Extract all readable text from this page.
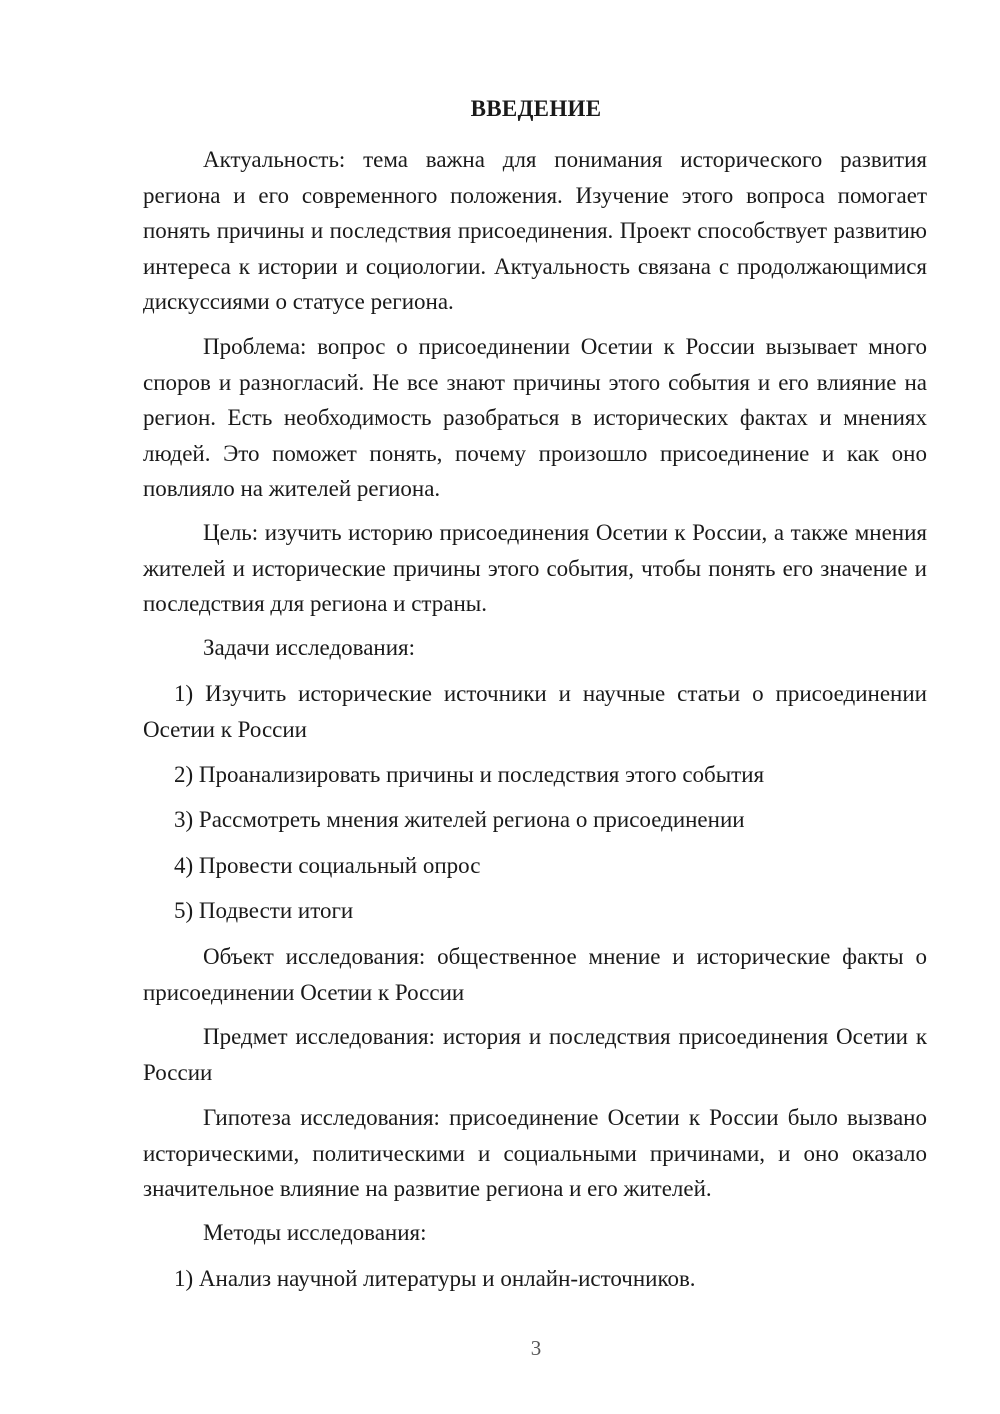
ВВЕДЕНИЕ

Актуальность: тема важна для понимания исторического развития региона и его современного положения. Изучение этого вопроса помогает понять причины и последствия присоединения. Проект способствует развитию интереса к истории и социологии. Актуальность связана с продолжающимися дискуссиями о статусе региона.

Проблема: вопрос о присоединении Осетии к России вызывает много споров и разногласий. Не все знают причины этого события и его влияние на регион. Есть необходимость разобраться в исторических фактах и мнениях людей. Это поможет понять, почему произошло присоединение и как оно повлияло на жителей региона.

Цель: изучить историю присоединения Осетии к России, а также мнения жителей и исторические причины этого события, чтобы понять его значение и последствия для региона и страны.

Задачи исследования:

1) Изучить исторические источники и научные статьи о присоединении Осетии к России

2) Проанализировать причины и последствия этого события

3) Рассмотреть мнения жителей региона о присоединении

4) Провести социальный опрос

5) Подвести итоги

Объект исследования: общественное мнение и исторические факты о присоединении Осетии к России

Предмет исследования: история и последствия присоединения Осетии к России

Гипотеза исследования: присоединение Осетии к России было вызвано историческими, политическими и социальными причинами, и оно оказало значительное влияние на развитие региона и его жителей.

Методы исследования:

1) Анализ научной литературы и онлайн-источников.

3
